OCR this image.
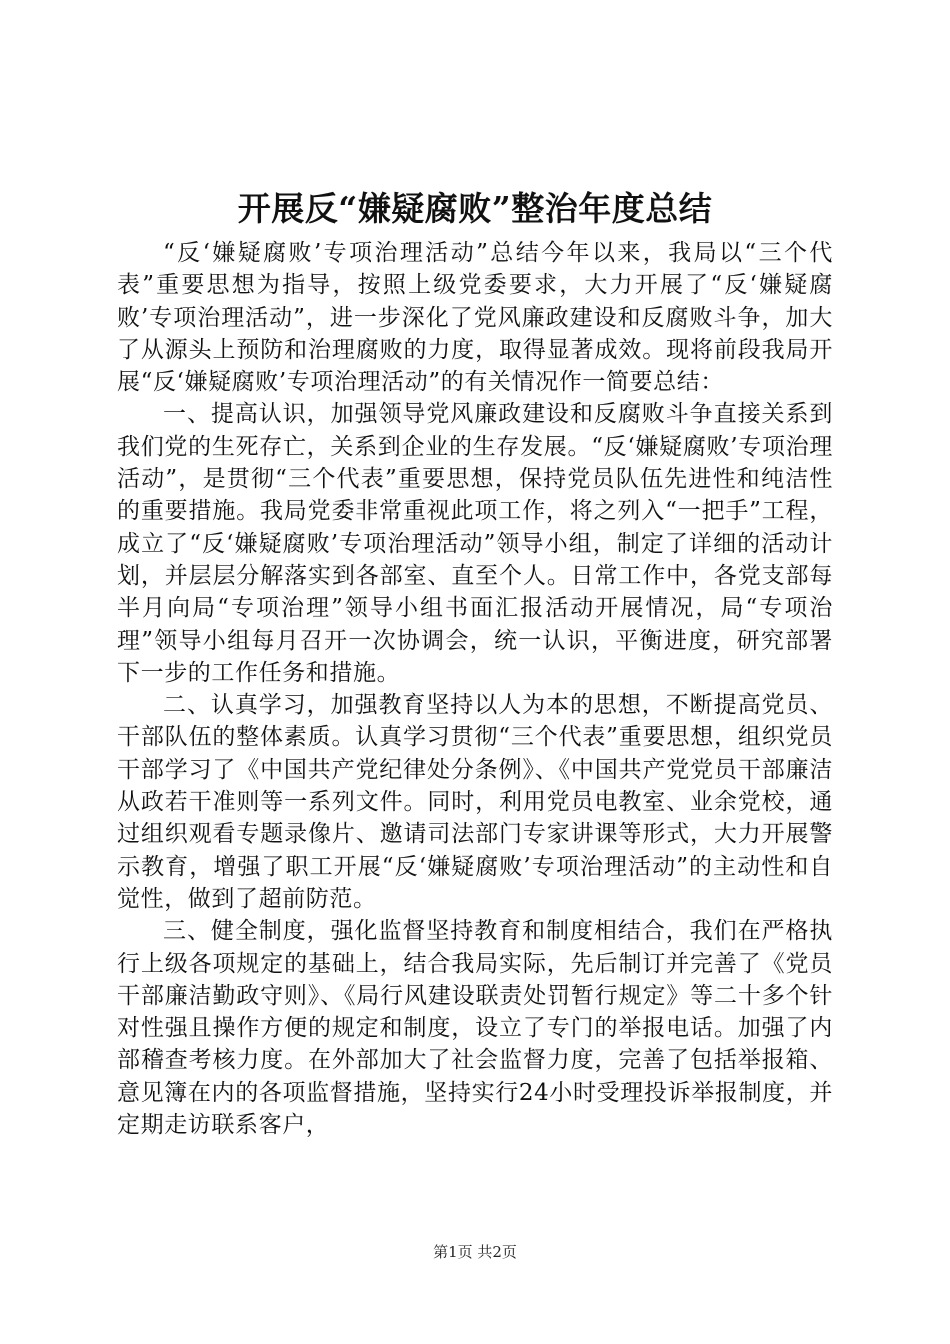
开展反“嫌疑腐败”整治年度总结

“反‘嫌疑腐败’专项治理活动”总结今年以来，我局以“三个代表”重要思想为指导，按照上级党委要求，大力开展了“反‘嫌疑腐败’专项治理活动”，进一步深化了党风廉政建设和反腐败斗争，加大了从源头上预防和治理腐败的力度，取得显著成效。现将前段我局开展“反‘嫌疑腐败’专项治理活动”的有关情况作一简要总结：

一、提高认识，加强领导党风廉政建设和反腐败斗争直接关系到我们党的生死存亡，关系到企业的生存发展。“反‘嫌疑腐败’专项治理活动”，是贯彻“三个代表”重要思想，保持党员队伍先进性和纯洁性的重要措施。我局党委非常重视此项工作，将之列入“一把手”工程，成立了“反‘嫌疑腐败’专项治理活动”领导小组，制定了详细的活动计划，并层层分解落实到各部室、直至个人。日常工作中，各党支部每半月向局“专项治理”领导小组书面汇报活动开展情况，局“专项治理”领导小组每月召开一次协调会，统一认识，平衡进度，研究部署下一步的工作任务和措施。

二、认真学习，加强教育坚持以人为本的思想，不断提高党员、干部队伍的整体素质。认真学习贯彻“三个代表”重要思想，组织党员干部学习了《中国共产党纪律处分条例》、《中国共产党党员干部廉洁从政若干准则等一系列文件。同时，利用党员电教室、业余党校，通过组织观看专题录像片、邀请司法部门专家讲课等形式，大力开展警示教育，增强了职工开展“反‘嫌疑腐败’专项治理活动”的主动性和自觉性，做到了超前防范。

三、健全制度，强化监督坚持教育和制度相结合，我们在严格执行上级各项规定的基础上，结合我局实际，先后制订并完善了《党员干部廉洁勤政守则》、《局行风建设联责处罚暂行规定》等二十多个针对性强且操作方便的规定和制度，设立了专门的举报电话。加强了内部稽查考核力度。在外部加大了社会监督力度，完善了包括举报箱、意见簿在内的各项监督措施，坚持实行24小时受理投诉举报制度，并定期走访联系客户，

第1页 共2页
